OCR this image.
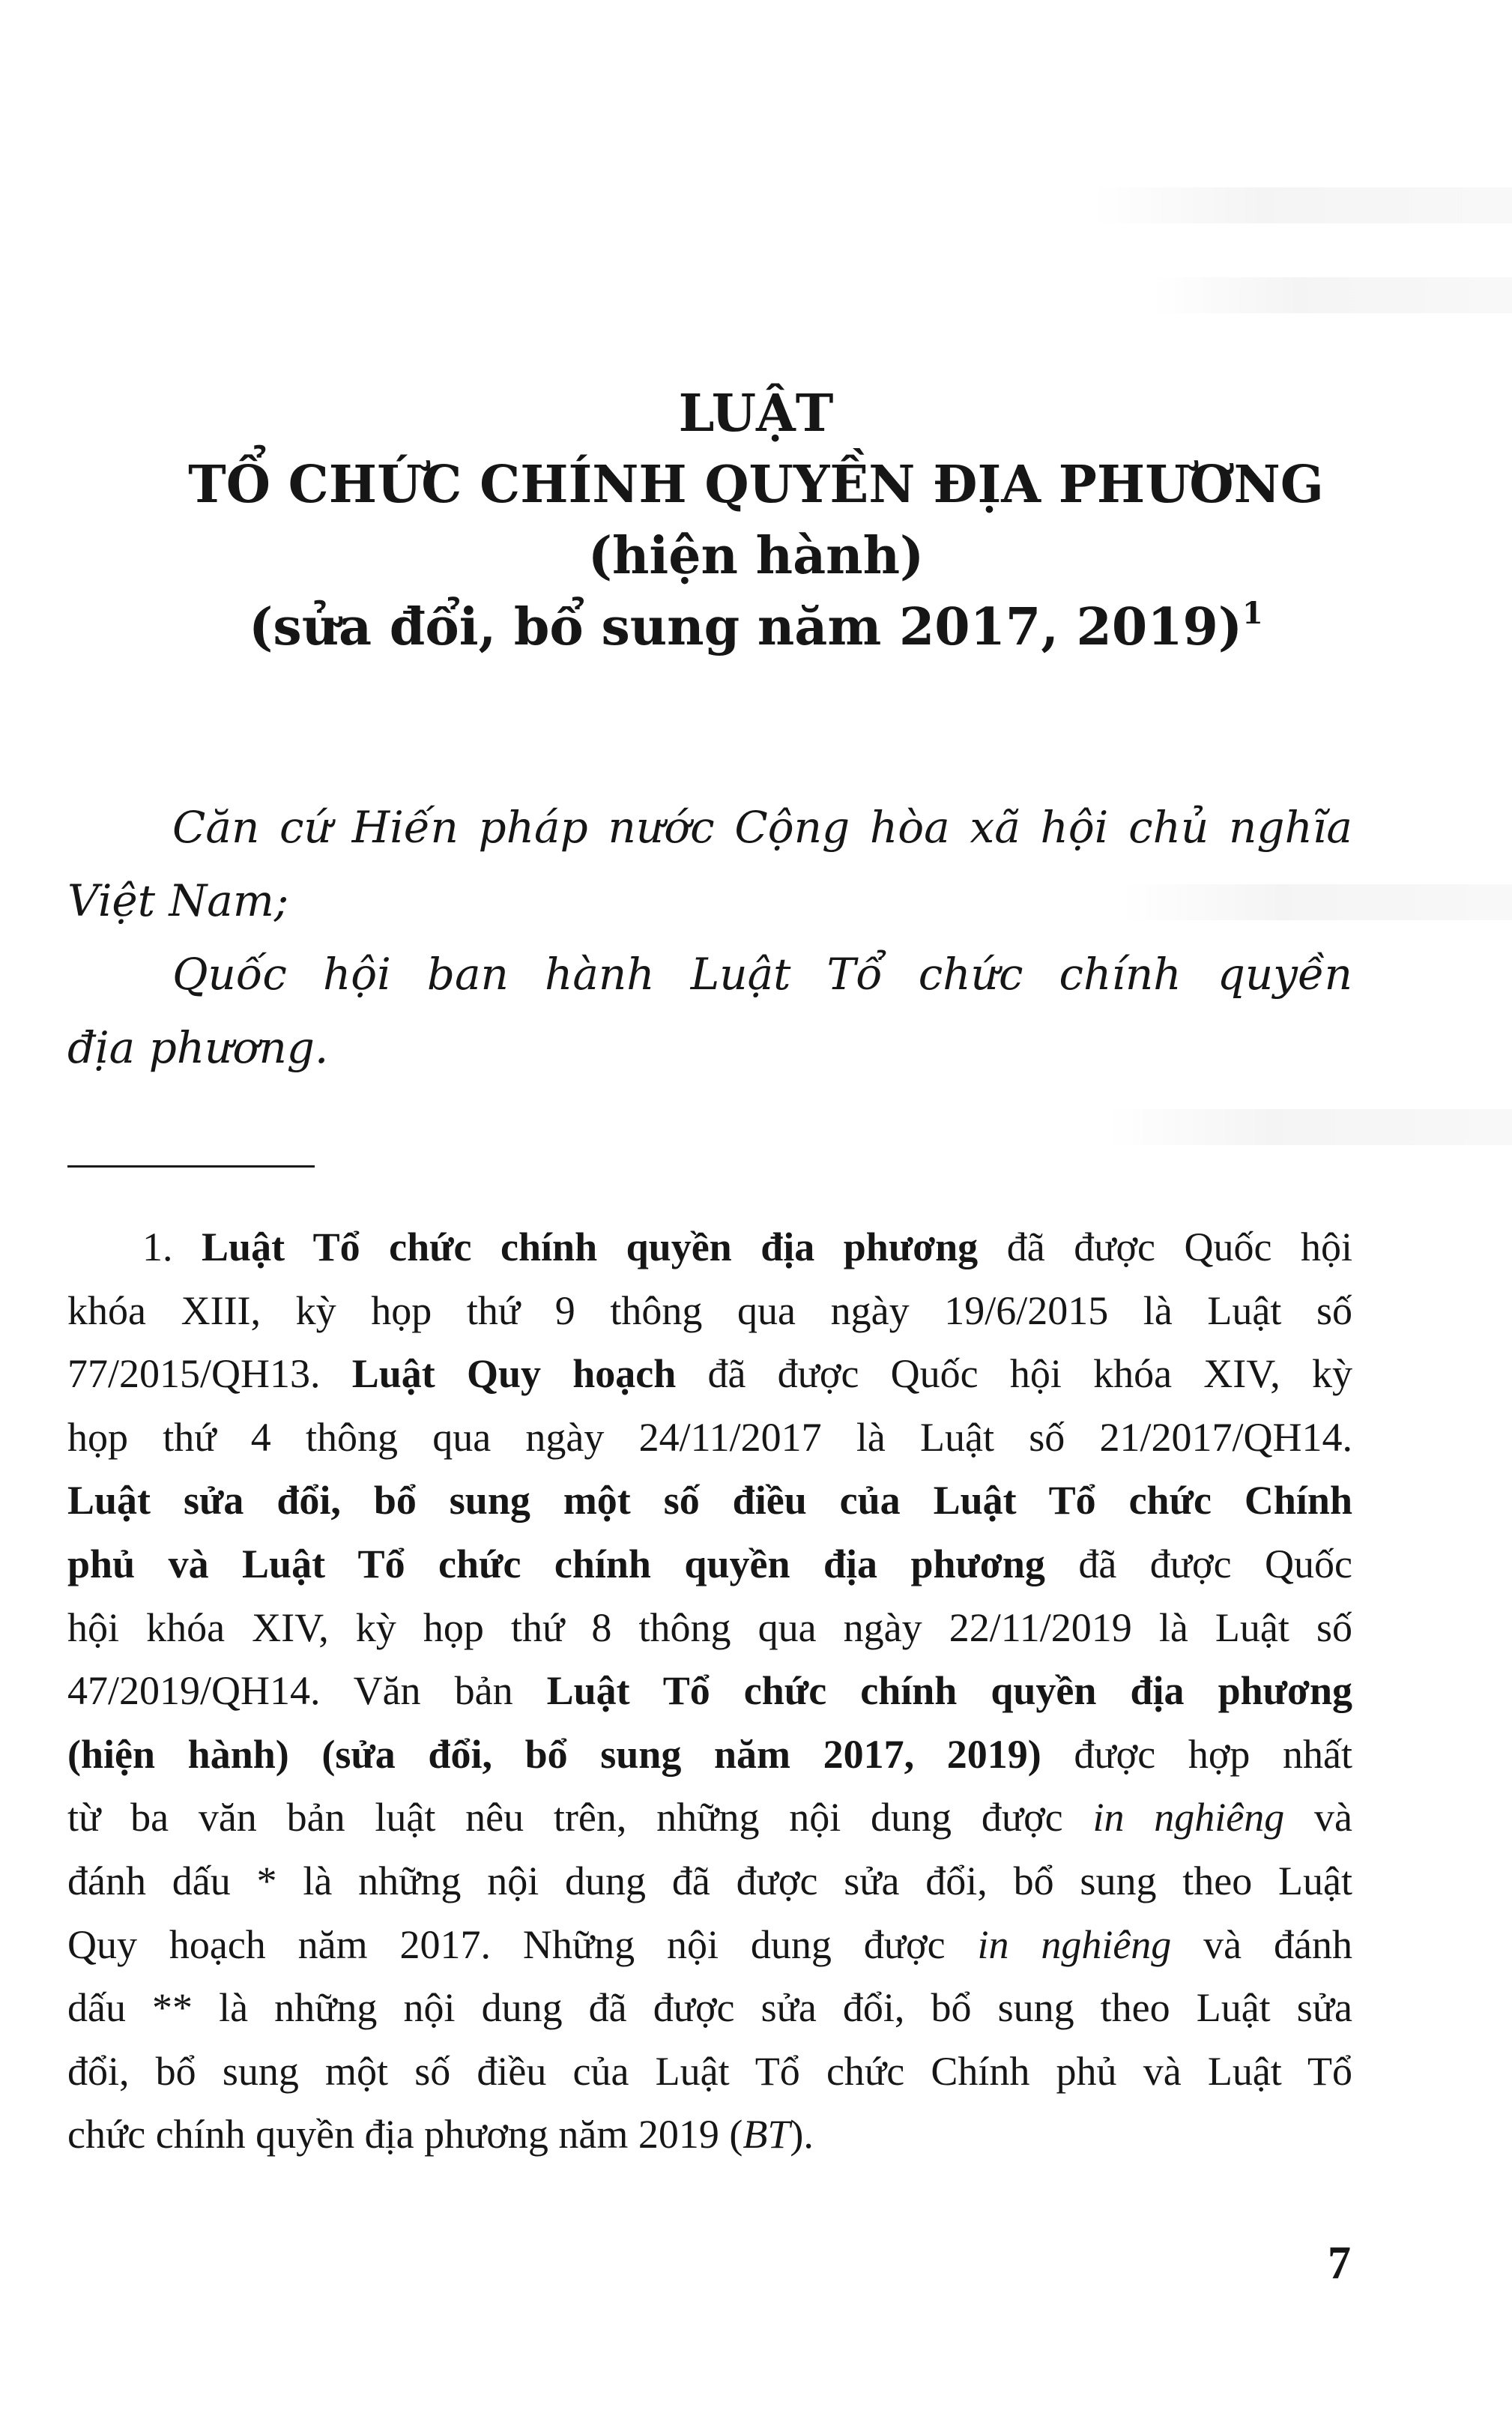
LUẬT
TỔ CHỨC CHÍNH QUYỀN ĐỊA PHƯƠNG
(hiện hành)
(sửa đổi, bổ sung năm 2017, 2019)$^1$

Căn cứ Hiến pháp nước Cộng hòa xã hội chủ nghĩa

Việt Nam;

Quốc hội ban hành Luật Tổ chức chính quyền

địa phương.

1. Luật Tổ chức chính quyền địa phương đã được Quốc hội
khóa XIII, kỳ họp thứ 9 thông qua ngày 19/6/2015 là Luật số
77/2015/QH13. Luật Quy hoạch đã được Quốc hội khóa XIV, kỳ
họp thứ 4 thông qua ngày 24/11/2017 là Luật số 21/2017/QH14.
Luật sửa đổi, bổ sung một số điều của Luật Tổ chức Chính
phủ và Luật Tổ chức chính quyền địa phương đã được Quốc
hội khóa XIV, kỳ họp thứ 8 thông qua ngày 22/11/2019 là Luật số
47/2019/QH14. Văn bản Luật Tổ chức chính quyền địa phương
(hiện hành) (sửa đổi, bổ sung năm 2017, 2019) được hợp nhất
từ ba văn bản luật nêu trên, những nội dung được in nghiêng và
đánh dấu * là những nội dung đã được sửa đổi, bổ sung theo Luật
Quy hoạch năm 2017. Những nội dung được in nghiêng và đánh
dấu ** là những nội dung đã được sửa đổi, bổ sung theo Luật sửa
đổi, bổ sung một số điều của Luật Tổ chức Chính phủ và Luật Tổ
chức chính quyền địa phương năm 2019 (BT).
7
